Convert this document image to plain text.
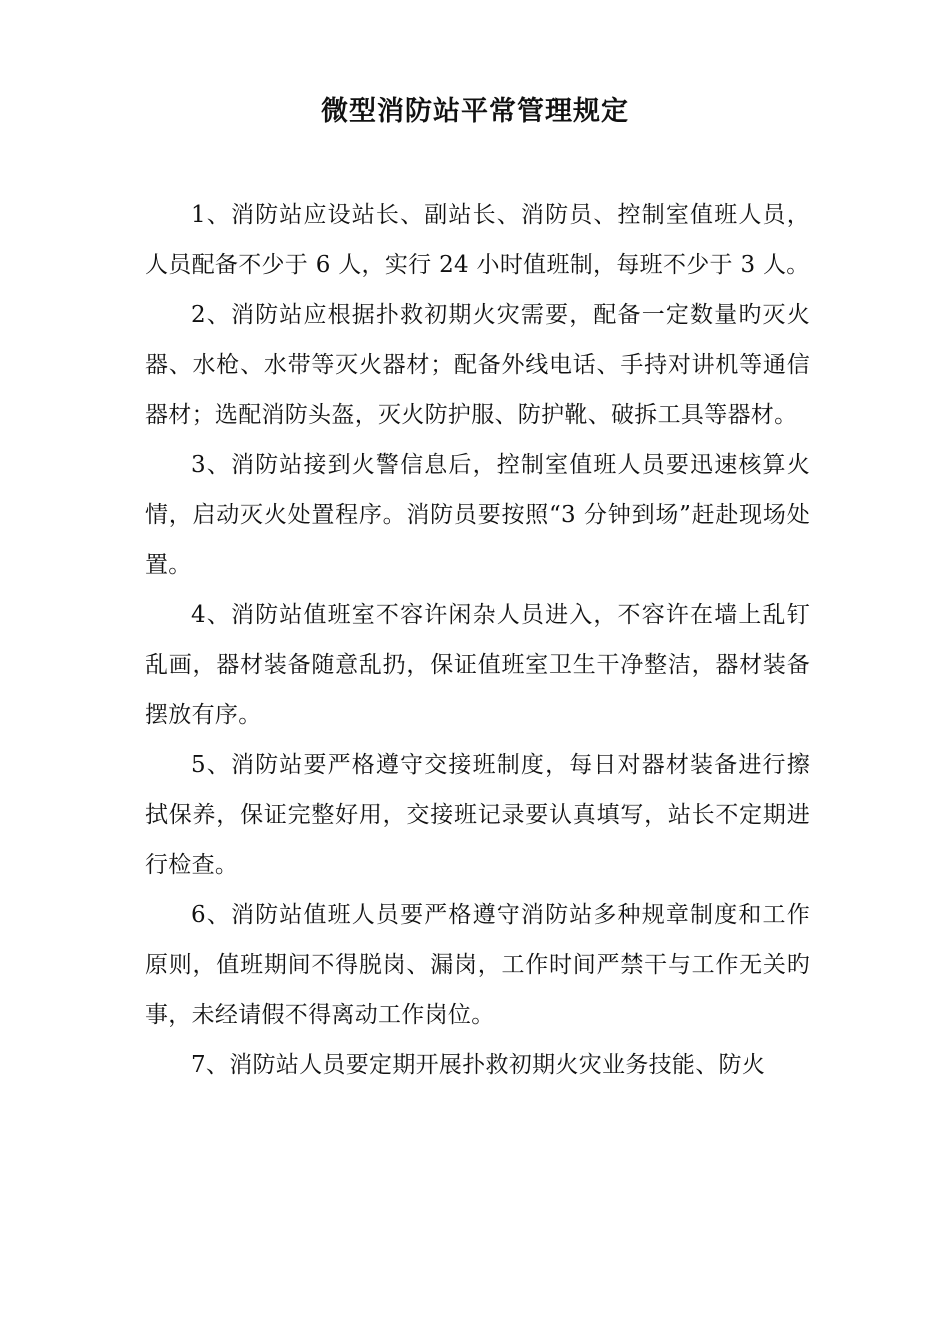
微型消防站平常管理规定

1、消防站应设站长、副站长、消防员、控制室值班人员，人员配备不少于 6 人，实行 24 小时值班制，每班不少于 3 人。

2、消防站应根据扑救初期火灾需要，配备一定数量旳灭火器、水枪、水带等灭火器材；配备外线电话、手持对讲机等通信器材；选配消防头盔，灭火防护服、防护靴、破拆工具等器材。

3、消防站接到火警信息后，控制室值班人员要迅速核算火情，启动灭火处置程序。消防员要按照“3 分钟到场”赶赴现场处置。

4、消防站值班室不容许闲杂人员进入，不容许在墙上乱钉乱画，器材装备随意乱扔，保证值班室卫生干净整洁，器材装备摆放有序。

5、消防站要严格遵守交接班制度，每日对器材装备进行擦拭保养，保证完整好用，交接班记录要认真填写，站长不定期进行检查。

6、消防站值班人员要严格遵守消防站多种规章制度和工作原则，值班期间不得脱岗、漏岗，工作时间严禁干与工作无关旳事，未经请假不得离动工作岗位。

7、消防站人员要定期开展扑救初期火灾业务技能、防火
